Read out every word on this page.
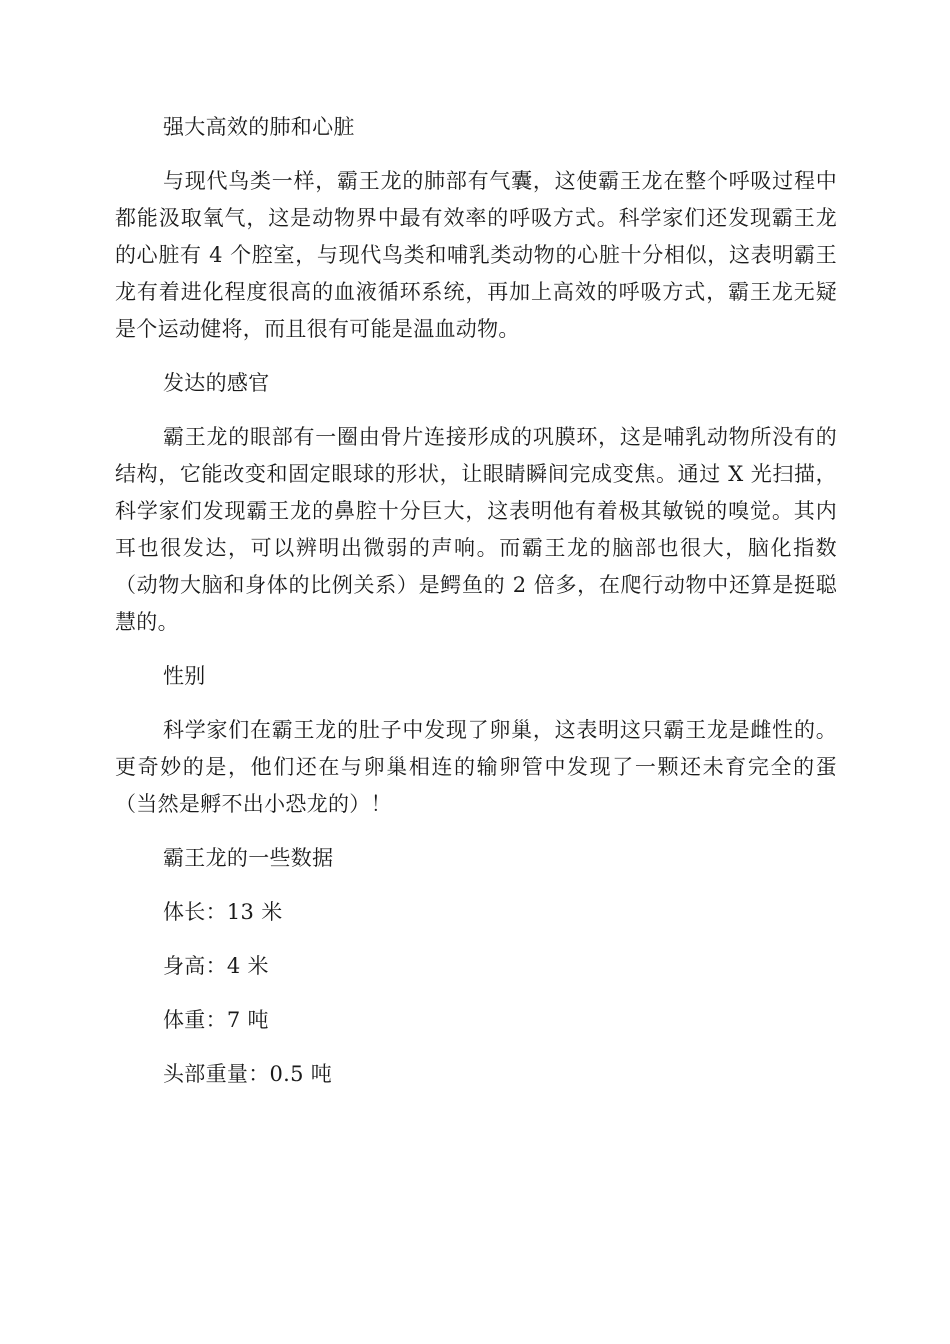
强大高效的肺和心脏

与现代鸟类一样，霸王龙的肺部有气囊，这使霸王龙在整个呼吸过程中都能汲取氧气，这是动物界中最有效率的呼吸方式。科学家们还发现霸王龙的心脏有 4 个腔室，与现代鸟类和哺乳类动物的心脏十分相似，这表明霸王龙有着进化程度很高的血液循环系统，再加上高效的呼吸方式，霸王龙无疑是个运动健将，而且很有可能是温血动物。

发达的感官

霸王龙的眼部有一圈由骨片连接形成的巩膜环，这是哺乳动物所没有的结构，它能改变和固定眼球的形状，让眼睛瞬间完成变焦。通过 X 光扫描，科学家们发现霸王龙的鼻腔十分巨大，这表明他有着极其敏锐的嗅觉。其内耳也很发达，可以辨明出微弱的声响。而霸王龙的脑部也很大，脑化指数（动物大脑和身体的比例关系）是鳄鱼的 2 倍多，在爬行动物中还算是挺聪慧的。

性别

科学家们在霸王龙的肚子中发现了卵巢，这表明这只霸王龙是雌性的。更奇妙的是，他们还在与卵巢相连的输卵管中发现了一颗还未育完全的蛋（当然是孵不出小恐龙的）！

霸王龙的一些数据

体长：13 米

身高：4 米

体重：7 吨

头部重量：0.5 吨
